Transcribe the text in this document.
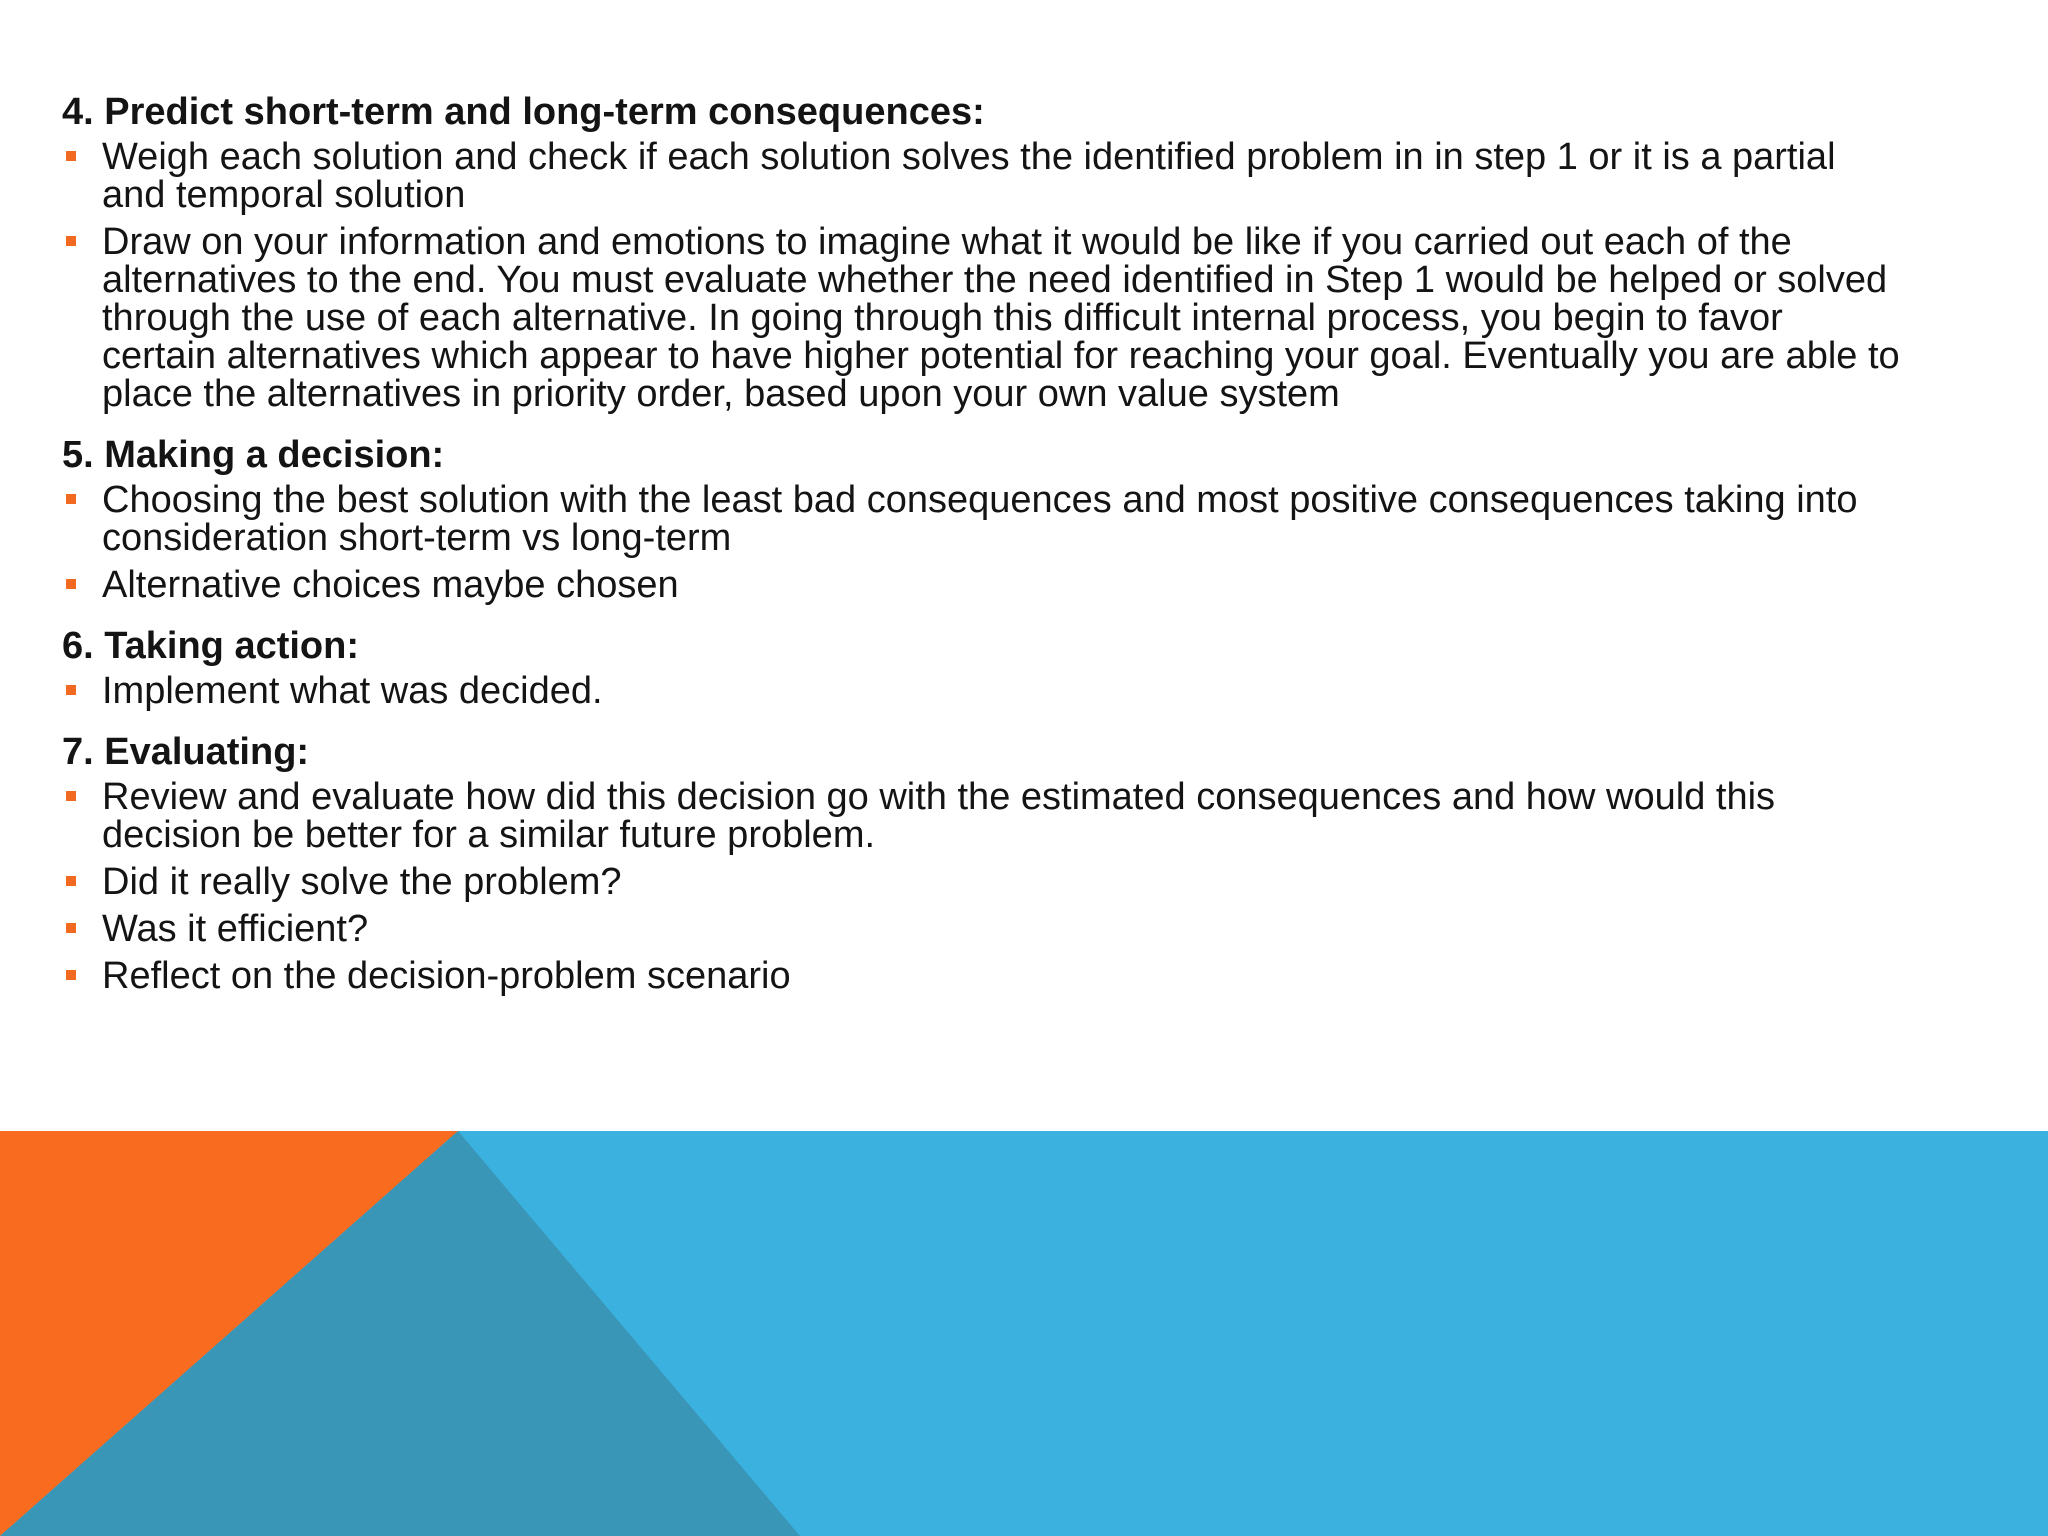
4. Predict short-term and long-term consequences:

Weigh each solution and check if each solution solves the identified problem in in step 1 or it is a partial and temporal solution
Draw on your information and emotions to imagine what it would be like if you carried out each of the alternatives to the end. You must evaluate whether the need identified in Step 1 would be helped or solved through the use of each alternative. In going through this difficult internal process, you begin to favor certain alternatives which appear to have higher potential for reaching your goal. Eventually you are able to place the alternatives in priority order, based upon your own value system

5. Making a decision:

Choosing the best solution with the least bad consequences and most positive consequences taking into consideration short-term vs long-term
Alternative choices maybe chosen

6. Taking action:

Implement what was decided.

7. Evaluating:

Review and evaluate how did this decision go with the estimated consequences and how would this decision be better for a similar future problem.
Did it really solve the problem?
Was it efficient?
Reflect on the decision-problem scenario
